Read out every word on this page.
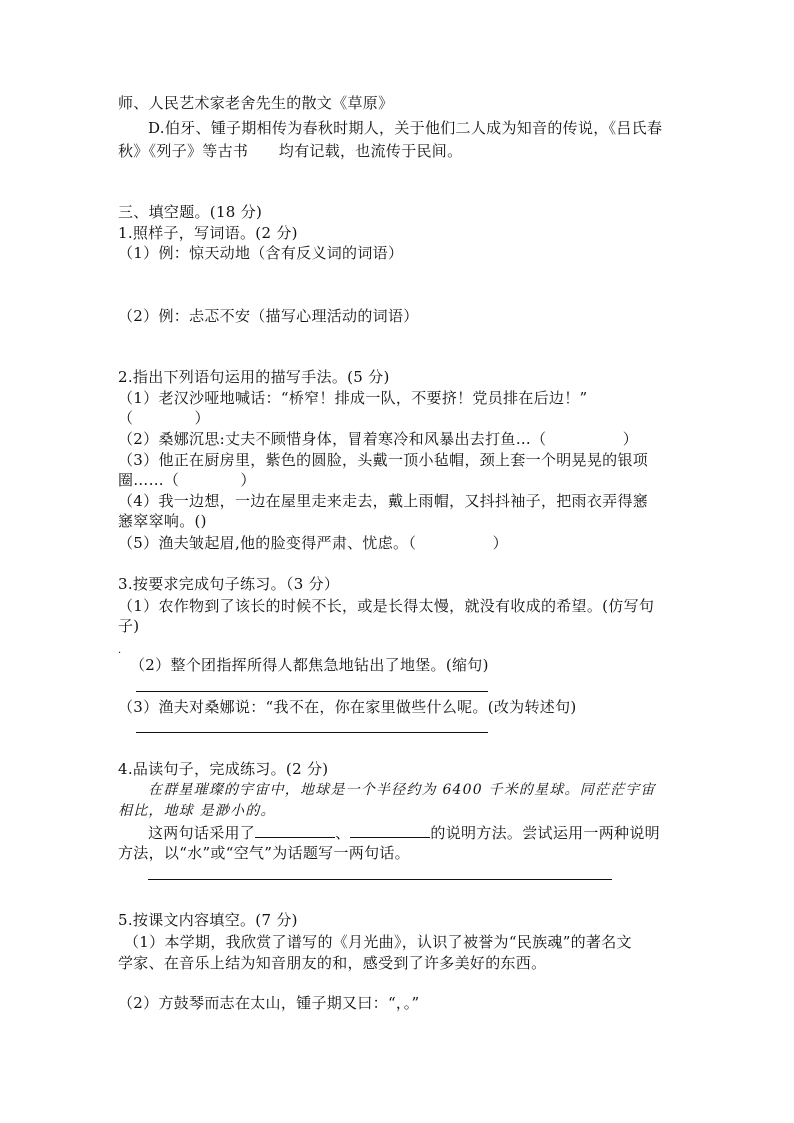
师、人民艺术家老舍先生的散文《草原》
D.伯牙、锺子期相传为春秋时期人，关于他们二人成为知音的传说，《吕氏春
秋》《列子》等古书　　均有记载，也流传于民间。
三、填空题。(18 分)
1.照样子，写词语。(2 分)
（1）例：惊天动地（含有反义词的词语）
（2）例：忐忑不安（描写心理活动的词语）
2.指出下列语句运用的描写手法。(5 分)
（1）老汉沙哑地喊话：“桥窄！排成一队，不要挤！党员排在后边！”
（　　　　）
（2）桑娜沉思:丈夫不顾惜身体，冒着寒冷和风暴出去打鱼…（　　　　　）
（3）他正在厨房里，紫色的圆脸，头戴一顶小毡帽，颈上套一个明晃晃的银项
圈……（　　　　）
（4）我一边想，一边在屋里走来走去，戴上雨帽，又抖抖袖子，把雨衣弄得窸
窸窣窣响。()
（5）渔夫皱起眉,他的脸变得严肃、忧虑。（　　　　　）
3.按要求完成句子练习。（3 分）
（1）农作物到了该长的时候不长，或是长得太慢，就没有收成的希望。(仿写句
子)
·
（2）整个团指挥所得人都焦急地钻出了地堡。(缩句)
（3）渔夫对桑娜说：“我不在，你在家里做些什么呢。(改为转述句)
4.品读句子，完成练习。(2 分)
在群星璀璨的宇宙中，地球是一个半径约为 6400 千米的星球。同茫茫宇宙
相比，地球 是渺小的。
这两句话采用了	、	的说明方法。尝试运用一两种说明
方法，以“水”或“空气”为话题写一两句话。
5.按课文内容填空。(7 分)
（1）本学期，我欣赏了谱写的《月光曲》，认识了被誉为“民族魂”的著名文
学家、在音乐上结为知音朋友的和，感受到了许多美好的东西。
（2）方鼓琴而志在太山，锺子期又曰：“，。”
